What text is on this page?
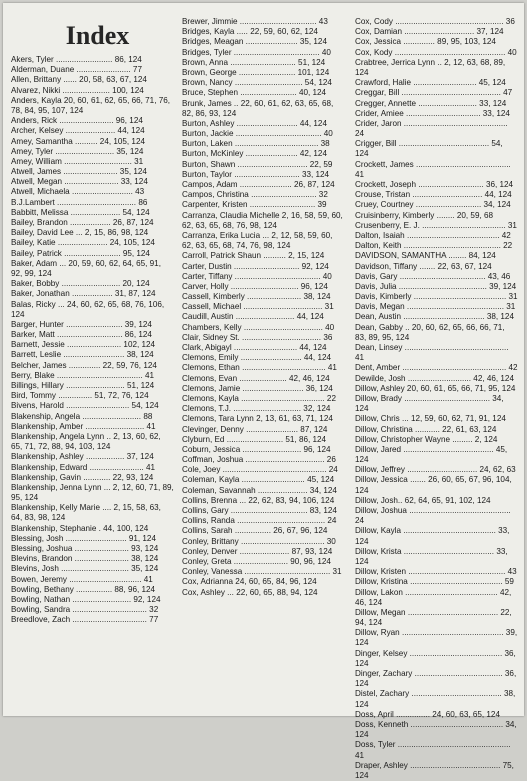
Index
Akers, Tyler ......................... 86, 124
Alderman, Duane ........................ 77
Allen, Brittany ...... 20, 58, 63, 67, 124
Alvarez, Nikki ..................... 100, 124
Anders, Kayla 20, 60, 61, 62, 65, 66, 71, 76, 78, 84, 95, 107, 124
Anders, Rick ........................ 96, 124
Archer, Kelsey ...................... 44, 124
Amey, Samantha .......... 24, 105, 124
Amey, Tyler .......................... 35, 124
Amey, William .............................. 31
Atwell, James ........................ 35, 124
Atwell, Megan ........................ 33, 124
Atwell, Michaela ........................... 43
B.J.Lambert ................................... 86
Babbitt, Melissa ...................... 54, 124
Bailey, Brandon .................. 26, 87, 124
Bailey, David Lee ... 2, 15, 86, 98, 124
Bailey, Katie ...................... 24, 105, 124
Bailey, Patrick ......................... 95, 124
Baker, Adam ... 20, 59, 60, 62, 64, 65, 91, 92, 99, 124
Baker, Bobby .......................... 20, 124
Baker, Jonathan .................. 31, 87, 124
Balas, Ricky ... 24, 60, 62, 65, 68, 76, 106, 124
Barger, Hunter ......................... 39, 124
Barker, Matt ............................. 86, 124
Barnett, Jessie ........................ 102, 124
Barrett, Leslie ........................... 38, 124
Belcher, James .............. 22, 59, 76, 124
Berry, Blake ...................................... 41
Billings, Hillary .......................... 51, 124
Bird, Tommy ............... 51, 72, 76, 124
Bivens, Harold ............................ 54, 124
Blakenship, Angela .......................... 88
Blankenship, Amber .......................... 41
Blankenship, Angela Lynn .. 2, 13, 60, 62, 65, 71, 72, 88, 94, 103, 124
Blankenship, Ashley ................. 37, 124
Blankenship, Edward ........................ 41
Blankenship, Gavin ............ 22, 93, 124
Blankenship, Jenna Lynn ... 2, 12, 60, 71, 89, 95, 124
Blankenship, Kelly Marie .... 2, 15, 58, 63, 64, 83, 98, 124
Blankenship, Stephanie . 44, 100, 124
Blessing, Josh ........................... 91, 124
Blessing, Joshua ........................ 93, 124
Blevins, Brandon ........................ 38, 124
Blevins, Josh .............................. 35, 124
Bowen, Jeremy ................................ 41
Bowling, Bethany ................ 88, 96, 124
Bowling, Nathan .......................... 92, 124
Bowling, Sandra ................................. 32
Breedlove, Zach ................................. 77
Brewer, Jimmie .................................. 43
Bridges, Kayla ..... 22, 59, 60, 62, 124
Bridges, Meagan ....................... 35, 124
Bridges, Tyler ...................................... 40
Brown, Anna ............................. 51, 124
Brown, George ......................... 101, 124
Brown, Nancy .............................. 54, 124
Bruce, Stephen ......................... 40, 124
Brunk, James .. 22, 60, 61, 62, 63, 65, 68, 82, 86, 93, 124
Burton, Ashley ........................... 44, 124
Burton, Jackie ...................................... 40
Burton, Laken ..................................... 38
Burton, McKinley ....................... 42, 124
Burton, Shawn ............................... 22, 59
Burton, Taylor ............................. 33, 124
Campos, Adam ....................... 26, 87, 124
Campos, Christina ............................. 32
Carpenter, Kristen ............................. 39
Carranza, Claudia Michelle 2, 16, 58, 59, 60, 62, 63, 65, 68, 76, 98, 124
Carranza, Erika Lucia ... 2, 12, 58, 59, 60, 62, 63, 65, 68, 74, 76, 98, 124
Carroll, Patrick Shaun .......... 2, 15, 124
Carter, Dustin ............................. 92, 124
Carter, Tiffany ...................................... 40
Carver, Holly .............................. 96, 124
Cassell, Kimberly ........................ 38, 124
Cassell, Michael ................................... 31
Caudill, Austin .......................... 44, 124
Chambers, Kelly ................................... 40
Clair, Sidney St. ................................... 36
Clark, Abigayl ............................ 44, 124
Clemons, Emily ........................... 44, 124
Clemons, Ethan ..................................... 41
Clemons, Evan ..................... 42, 46, 124
Clemons, Jamie ........................... 36, 124
Clemons, Kayla ..................................... 22
Clemons, T.J. .............................. 32, 124
Clemons, Tara Lynn 2, 13, 61, 63, 71, 124
Clevinger, Denny ....................... 87, 124
Clyburn, Ed ......................... 51, 86, 124
Coburn, Jessica .......................... 96, 124
Coffman, Joshua ................................... 26
Cole, Joey .............................................. 24
Coleman, Kayla ............................ 45, 124
Coleman, Savannah ...................... 34, 124
Collins, Brenna ... 22, 62, 83, 94, 106, 124
Collins, Gary .................................. 83, 124
Collins, Randa ....................................... 24
Collins, Sarah ................ 26, 67, 96, 124
Conley, Brittany ..................................... 30
Conley, Denver ...................... 87, 93, 124
Conley, Greta ........................ 90, 96, 124
Conley, Vanessa ...................................... 31
Cox, Adrianna 24, 60, 65, 84, 96, 124
Cox, Ashley ... 22, 60, 65, 88, 94, 124
Cox, Cody ................................................ 36
Cox, Damian ............................... 37, 124
Cox, Jessica .............. 89, 95, 103, 124
Cox, Kody ................................................. 40
Crabtree, Jerrica Lynn .. 2, 12, 63, 68, 89, 124
Crawford, Halie ............................ 45, 124
Creggar, Bill ............................................ 47
Cregger, Annette .......................... 33, 124
Crider, Amiee ................................. 33, 124
Crider, Jaron .............................................. 24
Crigger, Bill ........................................ 54, 124
Crockett, James .......................................... 41
Crockett, Joseph ............................. 36, 124
Crouse, Tristan ............................... 44, 124
Cruey, Courtney ............................. 34, 124
Cruisinberry, Kimberly ........ 20, 59, 68
Crusenberry, E. J. ..................................... 31
Dalton, Isaiah ......................................... 42
Dalton, Keith ........................................... 22
DAVIDSON, SAMANTHA ........ 84, 124
Davidson, Tiffany ....... 22, 63, 67, 124
Davis, Gary ...................................... 43, 46
Davis, Julia ....................................... 39, 124
Davis, Kimberly ......................................... 31
Davis, Megan ........................................... 31
Dean, Austin .................................... 38, 124
Dean, Gabby .. 20, 60, 62, 65, 66, 66, 71, 83, 89, 95, 124
Dean, Linsey .............................................. 41
Dent, Amber .............................................. 42
Dewilde, Josh ............................ 42, 46, 124
Dillow, Ashley 20, 60, 61, 65, 66, 71, 95, 124
Dillow, Brady ...................................... 34, 124
Dillow, Chris ... 12, 59, 60, 62, 71, 91, 124
Dillow, Christina ........... 22, 61, 63, 124
Dillow, Christopher Wayne ......... 2, 124
Dillow, Jared ........................................ 45, 124
Dillow, Jeffrey ............................... 24, 62, 63
Dillow, Jessica ....... 26, 60, 65, 67, 96, 104, 124
Dillow, Josh.. 62, 64, 65, 91, 102, 124
Dillow, Joshua ............................................. 24
Dillow, Kayla ......................................... 33, 124
Dillow, Krista ........................................ 33, 124
Dillow, Kristen ........................................... 43
Dillow, Kristina ......................................... 59
Dillow, Lakon ......................................... 42, 46, 124
Dillow, Megan ........................................ 22, 94, 124
Dillow, Ryan ............................................. 39, 124
Dinger, Kelsey ......................................... 36, 124
Dinger, Zachary ....................................... 36, 124
Distel, Zachary ........................................ 38, 124
Doss, April ............... 24, 60, 63, 65, 124
Doss, Kenneth ......................................... 34, 124
Doss, Tyler .................................................. 41
Draper, Ashley ........................................ 75, 124
